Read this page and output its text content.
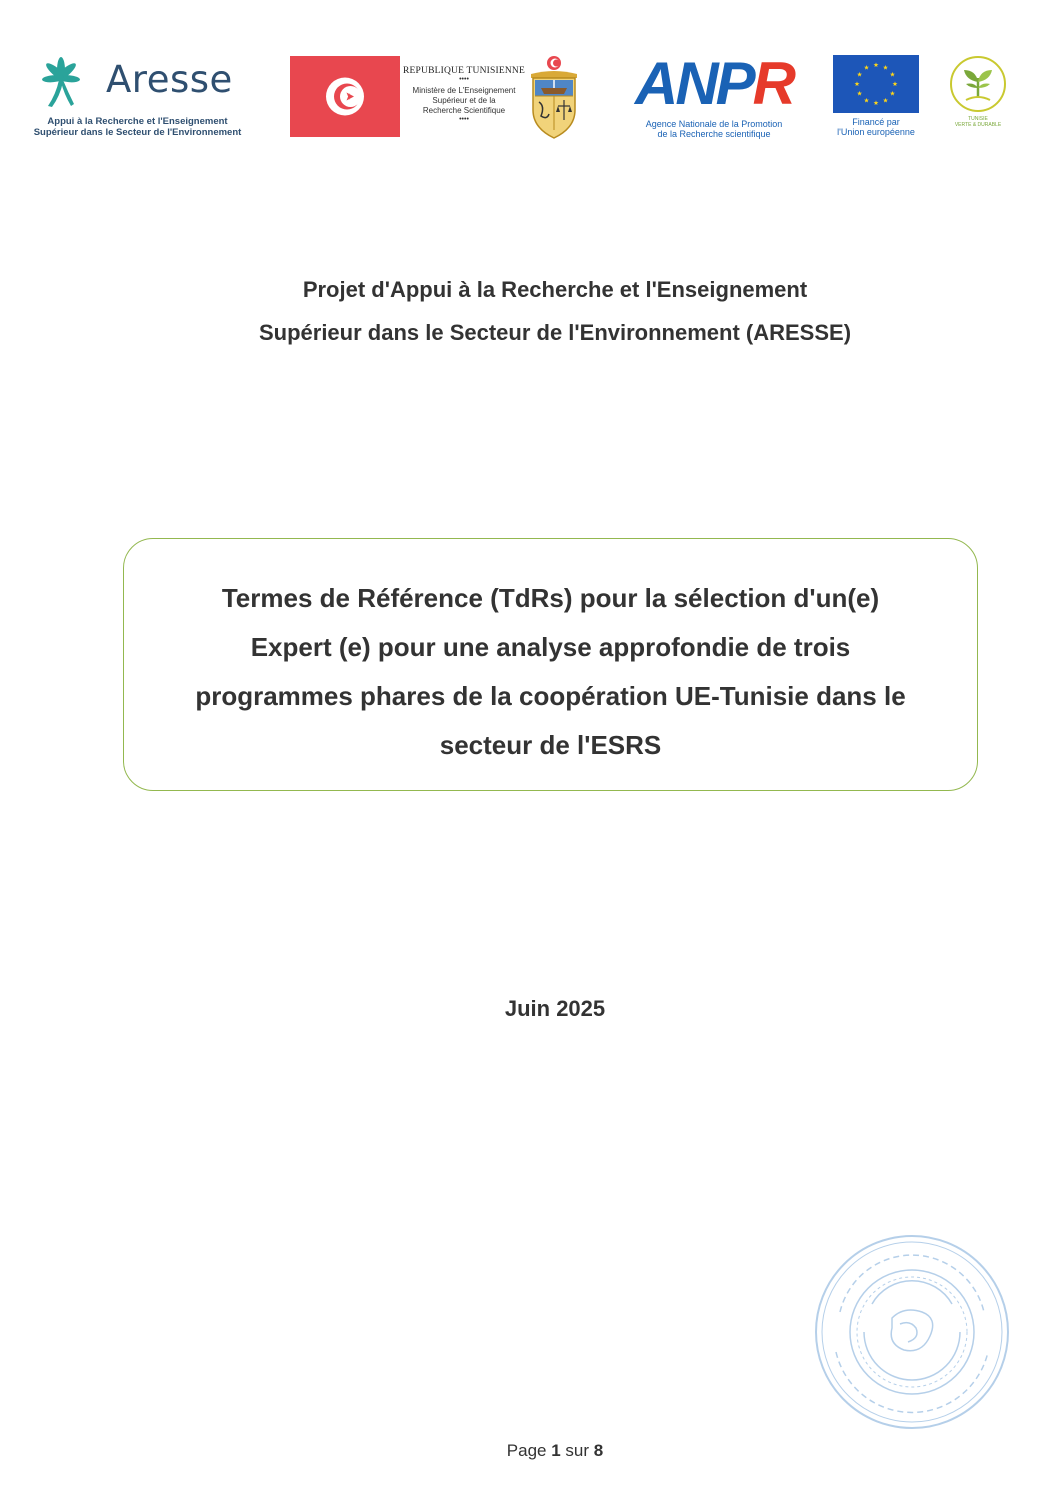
Aresse
Appui à la Recherche et l'Enseignement
Supérieur dans le Secteur de l'Environnement
REPUBLIQUE TUNISIENNE
••••
Ministère de L'Enseignement
Supérieur et de la
Recherche Scientifique
••••
ANPR
Agence Nationale de la Promotion
de la Recherche scientifique
Financé par
l'Union européenne
TUNISIE
VERTE & DURABLE
Projet d'Appui à la Recherche et l'Enseignement
Supérieur dans le Secteur de l'Environnement (ARESSE)
Termes de Référence (TdRs) pour la sélection d'un(e)
Expert (e) pour une analyse approfondie de trois
programmes phares de la coopération UE-Tunisie dans le
secteur de l'ESRS
Juin 2025
Page 1 sur 8
